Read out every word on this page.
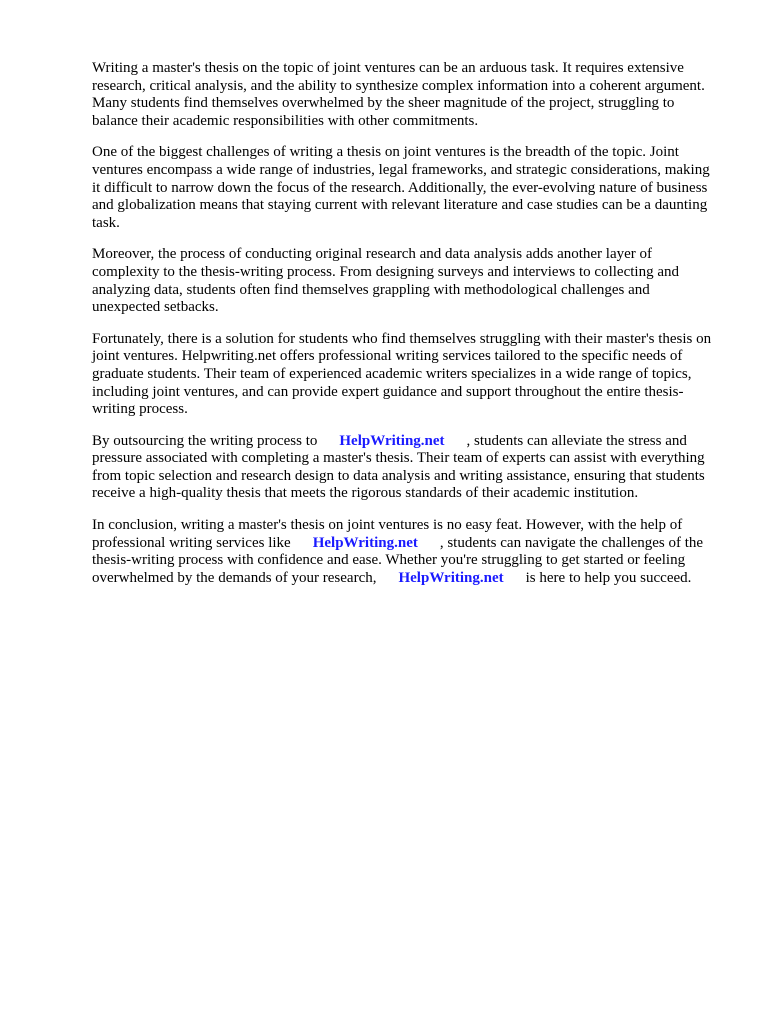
Writing a master's thesis on the topic of joint ventures can be an arduous task. It requires extensive research, critical analysis, and the ability to synthesize complex information into a coherent argument. Many students find themselves overwhelmed by the sheer magnitude of the project, struggling to balance their academic responsibilities with other commitments.

One of the biggest challenges of writing a thesis on joint ventures is the breadth of the topic. Joint ventures encompass a wide range of industries, legal frameworks, and strategic considerations, making it difficult to narrow down the focus of the research. Additionally, the ever-evolving nature of business and globalization means that staying current with relevant literature and case studies can be a daunting task.

Moreover, the process of conducting original research and data analysis adds another layer of complexity to the thesis-writing process. From designing surveys and interviews to collecting and analyzing data, students often find themselves grappling with methodological challenges and unexpected setbacks.

Fortunately, there is a solution for students who find themselves struggling with their master's thesis on joint ventures. Helpwriting.net offers professional writing services tailored to the specific needs of graduate students. Their team of experienced academic writers specializes in a wide range of topics, including joint ventures, and can provide expert guidance and support throughout the entire thesis-writing process.

By outsourcing the writing process to HelpWriting.net , students can alleviate the stress and pressure associated with completing a master's thesis. Their team of experts can assist with everything from topic selection and research design to data analysis and writing assistance, ensuring that students receive a high-quality thesis that meets the rigorous standards of their academic institution.

In conclusion, writing a master's thesis on joint ventures is no easy feat. However, with the help of professional writing services like HelpWriting.net , students can navigate the challenges of the thesis-writing process with confidence and ease. Whether you're struggling to get started or feeling overwhelmed by the demands of your research, HelpWriting.net is here to help you succeed.
